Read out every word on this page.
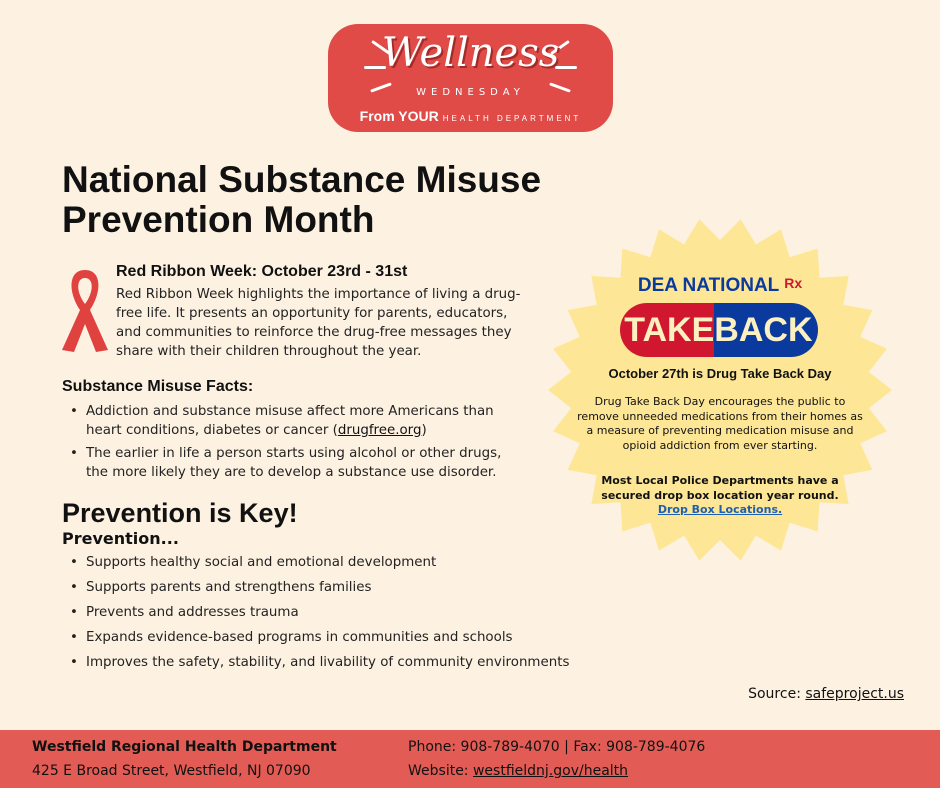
Wellness
WEDNESDAY
From YOUR HEALTH DEPARTMENT
National Substance Misuse Prevention Month
Red Ribbon Week: October 23rd - 31st
Red Ribbon Week highlights the importance of living a drug-free life. It presents an opportunity for parents, educators, and communities to reinforce the drug-free messages they share with their children throughout the year.
Substance Misuse Facts:
• Addiction and substance misuse affect more Americans than heart conditions, diabetes or cancer (drugfree.org)
• The earlier in life a person starts using alcohol or other drugs, the more likely they are to develop a substance use disorder.
Prevention is Key!
Prevention...
• Supports healthy social and emotional development
• Supports parents and strengthens families
• Prevents and addresses trauma
• Expands evidence-based programs in communities and schools
• Improves the safety, stability, and livability of community environments
Source: safeproject.us
DEA NATIONAL $^{Rx}$
TAKE BACK
October 27th is Drug Take Back Day
Drug Take Back Day encourages the public to remove unneeded medications from their homes as a measure of preventing medication misuse and opioid addiction from ever starting.
Most Local Police Departments have a secured drop box location year round.
Drop Box Locations.
Westfield Regional Health Department
425 E Broad Street, Westfield, NJ 07090
Phone: 908-789-4070 | Fax: 908-789-4076
Website: westfieldnj.gov/health
